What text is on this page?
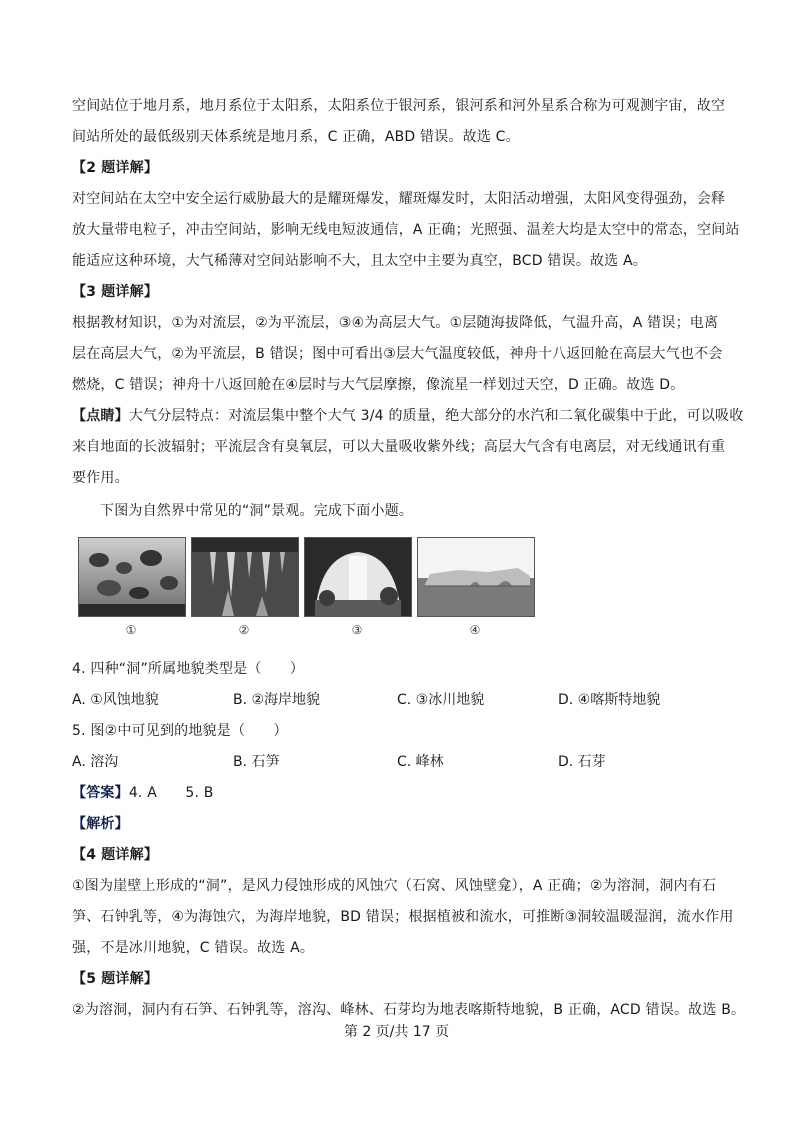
空间站位于地月系，地月系位于太阳系，太阳系位于银河系，银河系和河外星系合称为可观测宇宙，故空
间站所处的最低级别天体系统是地月系，C 正确，ABD 错误。故选 C。
【2 题详解】
对空间站在太空中安全运行威胁最大的是耀斑爆发，耀斑爆发时，太阳活动增强，太阳风变得强劲，会释
放大量带电粒子，冲击空间站，影响无线电短波通信，A 正确；光照强、温差大均是太空中的常态，空间站
能适应这种环境，大气稀薄对空间站影响不大，且太空中主要为真空，BCD 错误。故选 A。
【3 题详解】
根据教材知识，①为对流层，②为平流层，③④为高层大气。①层随海拔降低，气温升高，A 错误；电离
层在高层大气，②为平流层，B 错误；图中可看出③层大气温度较低，神舟十八返回舱在高层大气也不会
燃烧，C 错误；神舟十八返回舱在④层时与大气层摩擦，像流星一样划过天空，D 正确。故选 D。
【点睛】大气分层特点：对流层集中整个大气 3/4 的质量，绝大部分的水汽和二氧化碳集中于此，可以吸收
来自地面的长波辐射；平流层含有臭氧层，可以大量吸收紫外线；高层大气含有电离层，对无线通讯有重
要作用。
下图为自然界中常见的“洞”景观。完成下面小题。
①	②	③	④
4. 四种“洞”所属地貌类型是（　　）
A. ①风蚀地貌	B. ②海岸地貌	C. ③冰川地貌	D. ④喀斯特地貌
5. 图②中可见到的地貌是（　　）
A. 溶沟	B. 石笋	C. 峰林	D. 石芽
【答案】4. A　　5. B
【解析】
【4 题详解】
①图为崖壁上形成的“洞”，是风力侵蚀形成的风蚀穴（石窝、风蚀壁龛），A 正确；②为溶洞，洞内有石
笋、石钟乳等，④为海蚀穴，为海岸地貌，BD 错误；根据植被和流水，可推断③洞较温暖湿润，流水作用
强，不是冰川地貌，C 错误。故选 A。
【5 题详解】
②为溶洞，洞内有石笋、石钟乳等，溶沟、峰林、石芽均为地表喀斯特地貌，B 正确，ACD 错误。故选 B。
第 2 页/共 17 页
